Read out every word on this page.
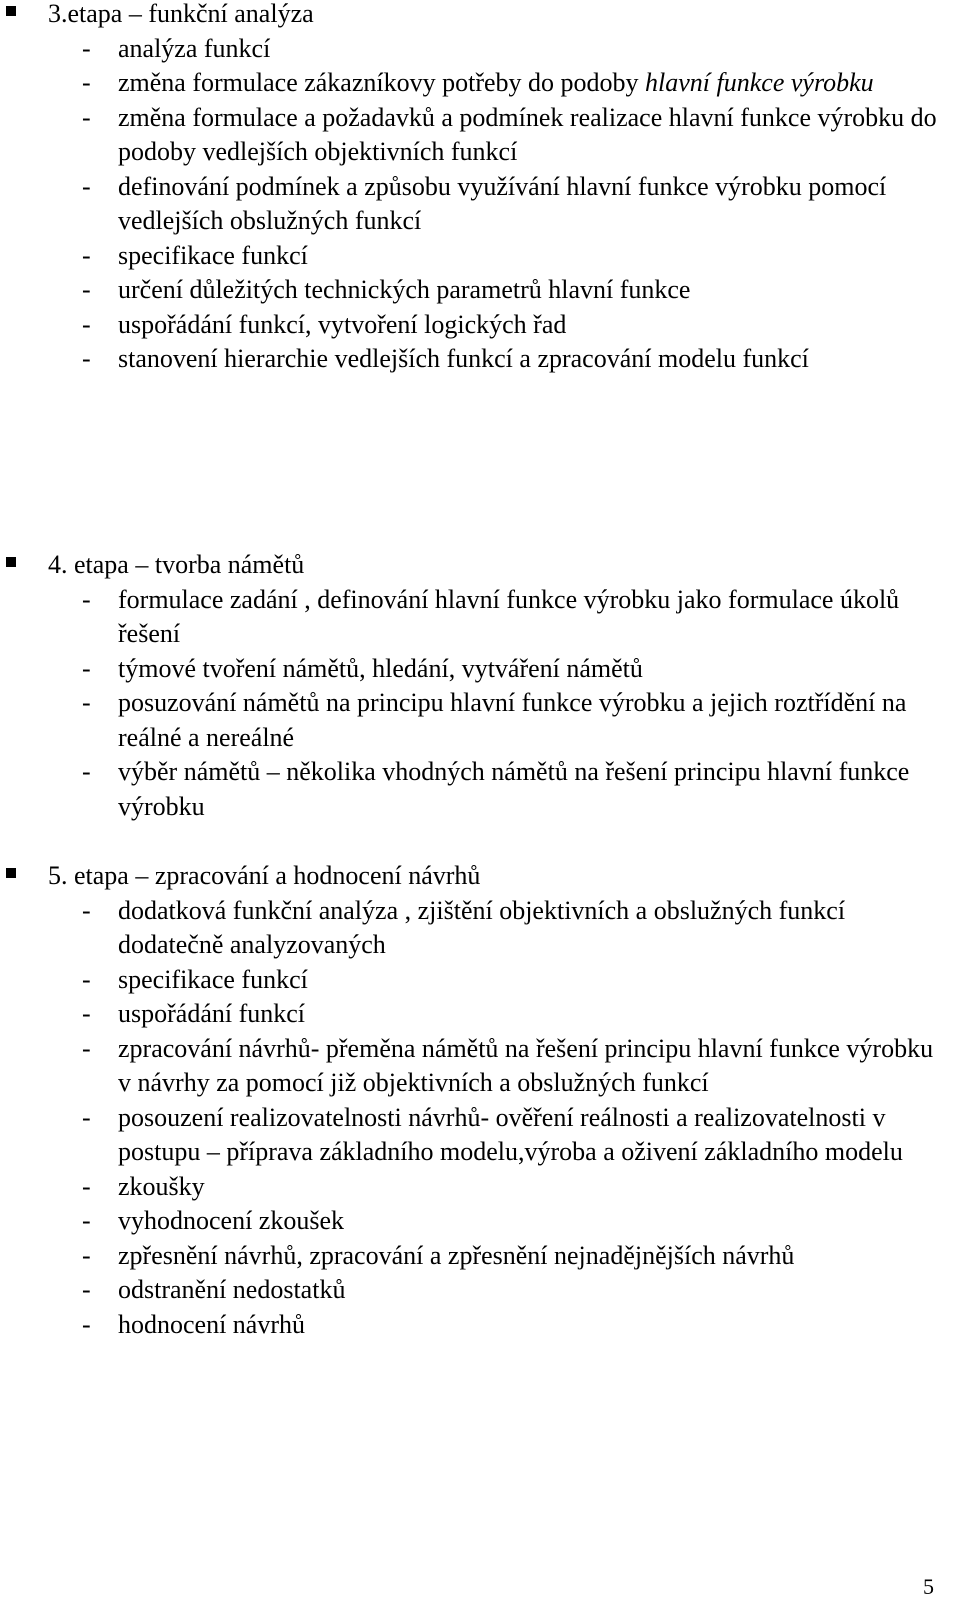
3.etapa – funkční analýza
- analýza funkcí
- změna formulace zákazníkovy potřeby do podoby hlavní funkce výrobku
- změna formulace a požadavků a podmínek realizace hlavní funkce výrobku do podoby vedlejších objektivních funkcí
- definování podmínek a způsobu využívání hlavní funkce výrobku pomocí vedlejších obslužných funkcí
- specifikace funkcí
- určení důležitých technických parametrů hlavní funkce
- uspořádání funkcí, vytvoření logických řad
- stanovení hierarchie vedlejších funkcí a zpracování modelu funkcí
4. etapa – tvorba námětů
- formulace zadání , definování hlavní funkce výrobku jako formulace úkolů řešení
- týmové tvoření námětů, hledání, vytváření námětů
- posuzování námětů na principu hlavní funkce výrobku a jejich roztřídění na reálné a nereálné
- výběr námětů – několika vhodných námětů na řešení principu hlavní funkce výrobku
5. etapa – zpracování a hodnocení návrhů
- dodatková funkční analýza , zjištění objektivních a obslužných funkcí dodatečně analyzovaných
- specifikace funkcí
- uspořádání funkcí
- zpracování návrhů- přeměna námětů na řešení principu hlavní funkce výrobku v návrhy za pomocí již objektivních a obslužných funkcí
- posouzení realizovatelnosti návrhů- ověření reálnosti a realizovatelnosti v postupu – příprava základního modelu,výroba a oživení základního modelu
- zkoušky
- vyhodnocení zkoušek
- zpřesnění návrhů, zpracování a zpřesnění nejnadějnějších návrhů
- odstranění nedostatků
- hodnocení návrhů
5
